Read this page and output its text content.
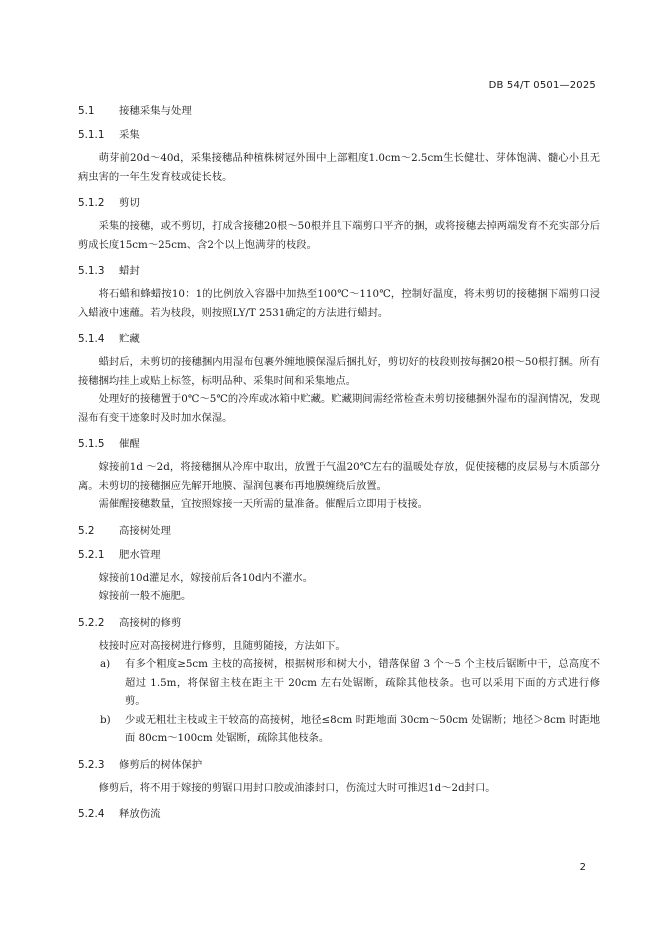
DB 54/T 0501—2025
5.1 接穗采集与处理
5.1.1 采集

萌芽前20d～40d，采集接穗品种植株树冠外围中上部粗度1.0cm～2.5cm生长健壮、芽体饱满、髓心小且无病虫害的一年生发育枝或徒长枝。

5.1.2 剪切

采集的接穗，或不剪切，打成含接穗20根～50根并且下端剪口平齐的捆，或将接穗去掉两端发育不充实部分后剪成长度15cm～25cm、含2个以上饱满芽的枝段。

5.1.3 蜡封

将石蜡和蜂蜡按10：1的比例放入容器中加热至100℃～110℃，控制好温度，将未剪切的接穗捆下端剪口浸入蜡液中速蘸。若为枝段，则按照LY/T 2531确定的方法进行蜡封。

5.1.4 贮藏

蜡封后，未剪切的接穗捆内用湿布包裹外缠地膜保湿后捆扎好，剪切好的枝段则按每捆20根～50根打捆。所有接穗捆均挂上或贴上标签，标明品种、采集时间和采集地点。

处理好的接穗置于0℃～5℃的冷库或冰箱中贮藏。贮藏期间需经常检查未剪切接穗捆外湿布的湿润情况，发现湿布有变干迹象时及时加水保湿。

5.1.5 催醒

嫁接前1d ～2d，将接穗捆从冷库中取出，放置于气温20℃左右的温暖处存放，促使接穗的皮层易与木质部分离。未剪切的接穗捆应先解开地膜、湿润包裹布再地膜缠绕后放置。

需催醒接穗数量，宜按照嫁接一天所需的量准备。催醒后立即用于枝接。

5.2 高接树处理
5.2.1 肥水管理

嫁接前10d灌足水，嫁接前后各10d内不灌水。

嫁接前一般不施肥。

5.2.2 高接树的修剪

枝接时应对高接树进行修剪，且随剪随接，方法如下。

a) 有多个粗度≥5cm 主枝的高接树，根据树形和树大小，错落保留 3 个～5 个主枝后锯断中干，总高度不超过 1.5m，将保留主枝在距主干 20cm 左右处锯断，疏除其他枝条。也可以采用下面的方式进行修剪。
b) 少或无粗壮主枝或主干较高的高接树，地径≤8cm 时距地面 30cm～50cm 处锯断；地径＞8cm 时距地面 80cm～100cm 处锯断，疏除其他枝条。
5.2.3 修剪后的树体保护

修剪后，将不用于嫁接的剪锯口用封口胶或油漆封口，伤流过大时可推迟1d～2d封口。

5.2.4 释放伤流
2
